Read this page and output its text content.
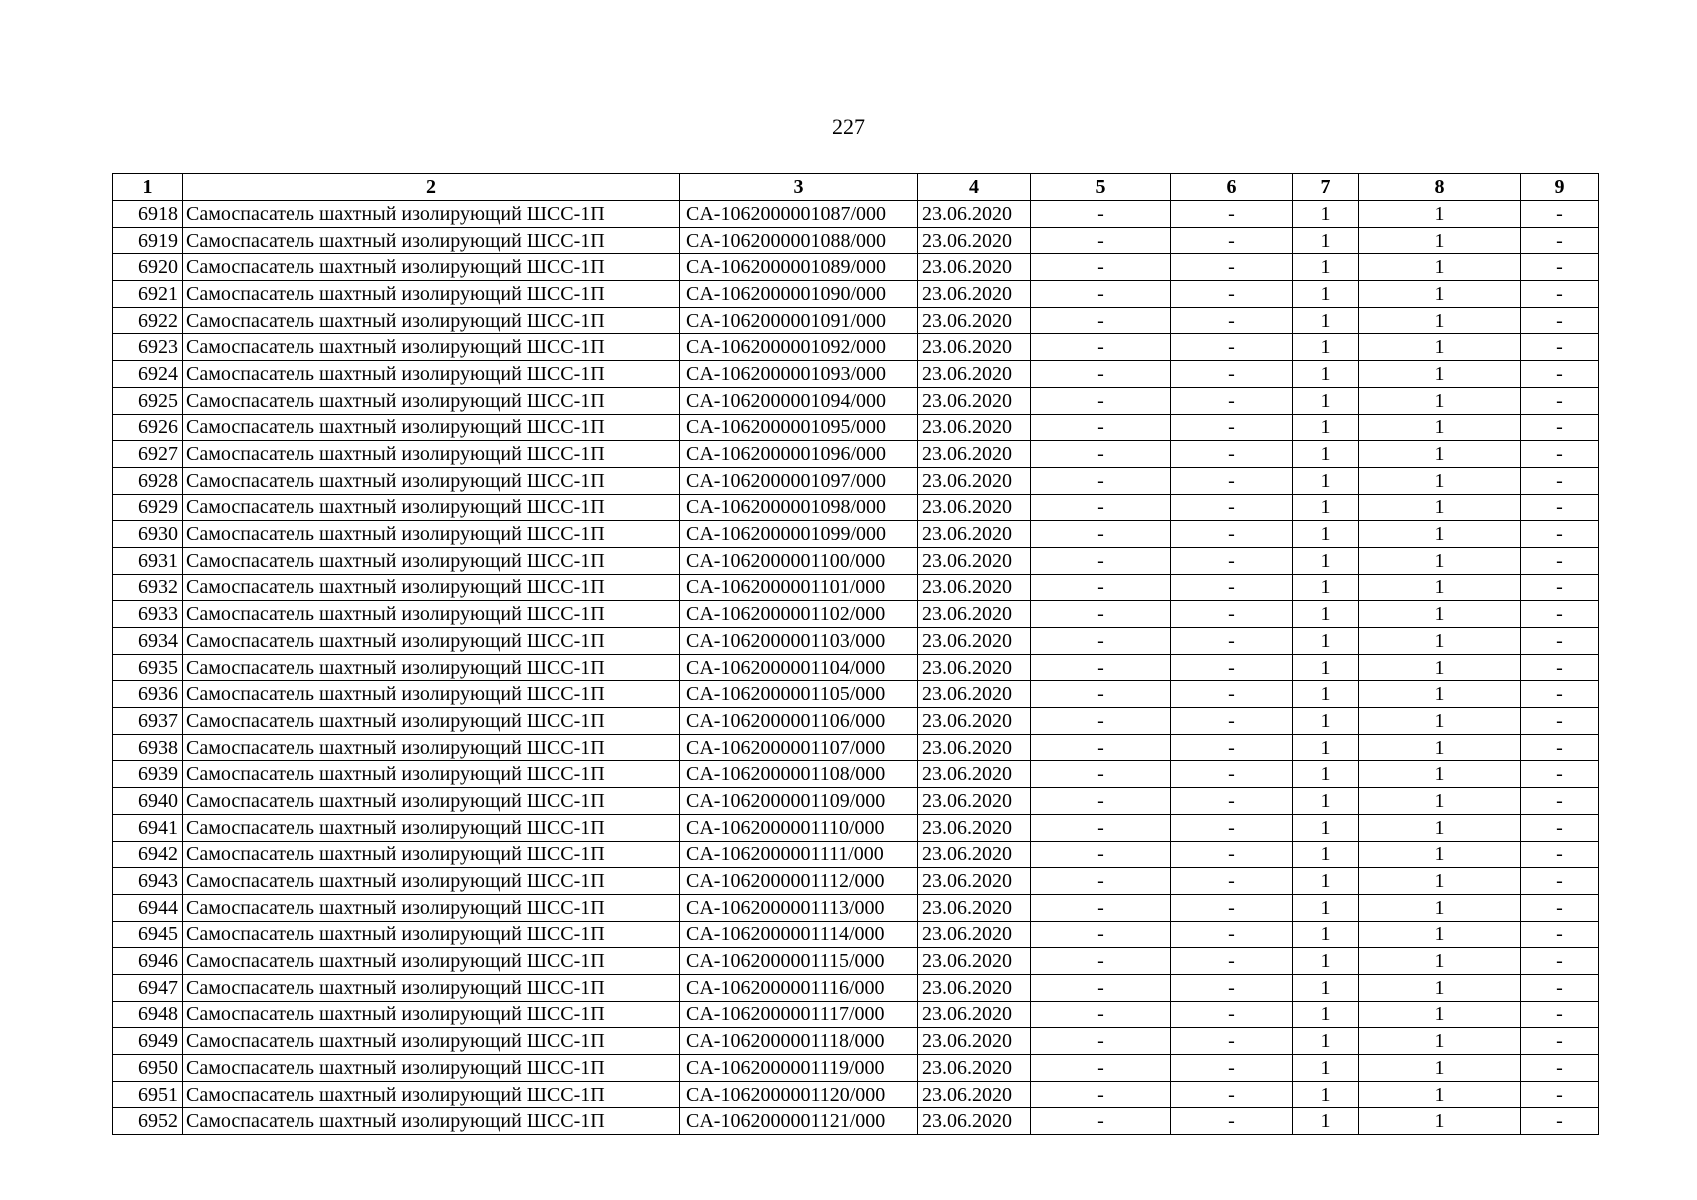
227
1	2	3	4	5	6	7	8	9
6918	Самоспасатель шахтный изолирующий ШСС-1П	CA-1062000001087/000	23.06.2020	-	-	1	1	-
6919	Самоспасатель шахтный изолирующий ШСС-1П	CA-1062000001088/000	23.06.2020	-	-	1	1	-
6920	Самоспасатель шахтный изолирующий ШСС-1П	CA-1062000001089/000	23.06.2020	-	-	1	1	-
6921	Самоспасатель шахтный изолирующий ШСС-1П	CA-1062000001090/000	23.06.2020	-	-	1	1	-
6922	Самоспасатель шахтный изолирующий ШСС-1П	CA-1062000001091/000	23.06.2020	-	-	1	1	-
6923	Самоспасатель шахтный изолирующий ШСС-1П	CA-1062000001092/000	23.06.2020	-	-	1	1	-
6924	Самоспасатель шахтный изолирующий ШСС-1П	CA-1062000001093/000	23.06.2020	-	-	1	1	-
6925	Самоспасатель шахтный изолирующий ШСС-1П	CA-1062000001094/000	23.06.2020	-	-	1	1	-
6926	Самоспасатель шахтный изолирующий ШСС-1П	CA-1062000001095/000	23.06.2020	-	-	1	1	-
6927	Самоспасатель шахтный изолирующий ШСС-1П	CA-1062000001096/000	23.06.2020	-	-	1	1	-
6928	Самоспасатель шахтный изолирующий ШСС-1П	CA-1062000001097/000	23.06.2020	-	-	1	1	-
6929	Самоспасатель шахтный изолирующий ШСС-1П	CA-1062000001098/000	23.06.2020	-	-	1	1	-
6930	Самоспасатель шахтный изолирующий ШСС-1П	CA-1062000001099/000	23.06.2020	-	-	1	1	-
6931	Самоспасатель шахтный изолирующий ШСС-1П	CA-1062000001100/000	23.06.2020	-	-	1	1	-
6932	Самоспасатель шахтный изолирующий ШСС-1П	CA-1062000001101/000	23.06.2020	-	-	1	1	-
6933	Самоспасатель шахтный изолирующий ШСС-1П	CA-1062000001102/000	23.06.2020	-	-	1	1	-
6934	Самоспасатель шахтный изолирующий ШСС-1П	CA-1062000001103/000	23.06.2020	-	-	1	1	-
6935	Самоспасатель шахтный изолирующий ШСС-1П	CA-1062000001104/000	23.06.2020	-	-	1	1	-
6936	Самоспасатель шахтный изолирующий ШСС-1П	CA-1062000001105/000	23.06.2020	-	-	1	1	-
6937	Самоспасатель шахтный изолирующий ШСС-1П	CA-1062000001106/000	23.06.2020	-	-	1	1	-
6938	Самоспасатель шахтный изолирующий ШСС-1П	CA-1062000001107/000	23.06.2020	-	-	1	1	-
6939	Самоспасатель шахтный изолирующий ШСС-1П	CA-1062000001108/000	23.06.2020	-	-	1	1	-
6940	Самоспасатель шахтный изолирующий ШСС-1П	CA-1062000001109/000	23.06.2020	-	-	1	1	-
6941	Самоспасатель шахтный изолирующий ШСС-1П	CA-1062000001110/000	23.06.2020	-	-	1	1	-
6942	Самоспасатель шахтный изолирующий ШСС-1П	CA-1062000001111/000	23.06.2020	-	-	1	1	-
6943	Самоспасатель шахтный изолирующий ШСС-1П	CA-1062000001112/000	23.06.2020	-	-	1	1	-
6944	Самоспасатель шахтный изолирующий ШСС-1П	CA-1062000001113/000	23.06.2020	-	-	1	1	-
6945	Самоспасатель шахтный изолирующий ШСС-1П	CA-1062000001114/000	23.06.2020	-	-	1	1	-
6946	Самоспасатель шахтный изолирующий ШСС-1П	CA-1062000001115/000	23.06.2020	-	-	1	1	-
6947	Самоспасатель шахтный изолирующий ШСС-1П	CA-1062000001116/000	23.06.2020	-	-	1	1	-
6948	Самоспасатель шахтный изолирующий ШСС-1П	CA-1062000001117/000	23.06.2020	-	-	1	1	-
6949	Самоспасатель шахтный изолирующий ШСС-1П	CA-1062000001118/000	23.06.2020	-	-	1	1	-
6950	Самоспасатель шахтный изолирующий ШСС-1П	CA-1062000001119/000	23.06.2020	-	-	1	1	-
6951	Самоспасатель шахтный изолирующий ШСС-1П	CA-1062000001120/000	23.06.2020	-	-	1	1	-
6952	Самоспасатель шахтный изолирующий ШСС-1П	CA-1062000001121/000	23.06.2020	-	-	1	1	-
